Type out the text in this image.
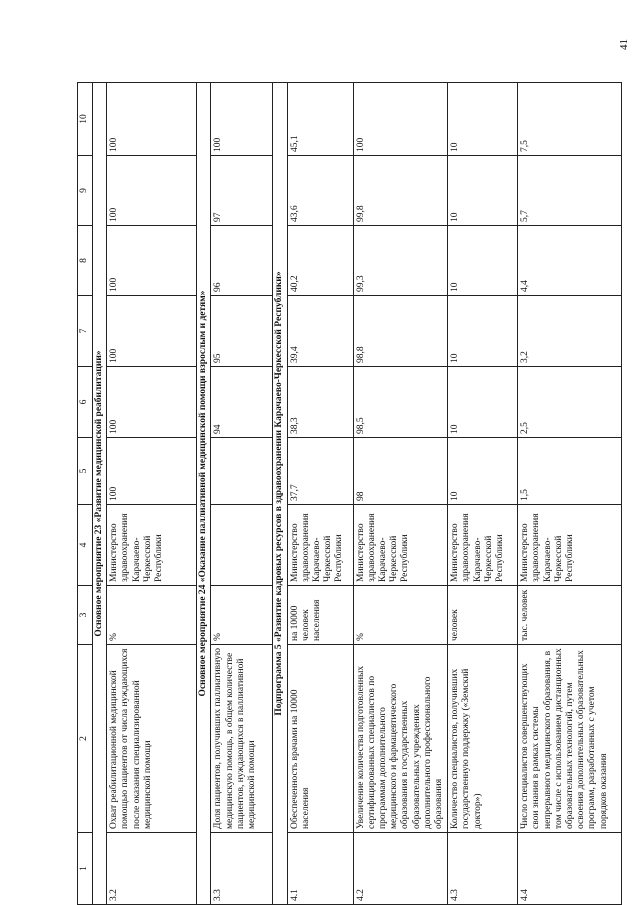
41
1	2	3	4	5	6	7	8	9	10
Основное мероприятие 23 «Развитие медицинской реабилитации»									
3.2	Охват реабилитационной медицинской помощью пациентов от числа нуждающихся после оказания специализированной медицинской помощи	%	Министерство здравоохранения Карачаево-Черкесской Республики	100	100	100	100	100	100
Основное мероприятие 24 «Оказание паллиативной медицинской помощи взрослым и детям»									
3.3	Доля пациентов, получивших паллиативную медицинскую помощь, в общем количестве пациентов, нуждающихся в паллиативной медицинской помощи	%			94	95	96	97	100
Подпрограмма 5 «Развитие кадровых ресурсов в здравоохранении Карачаево-Черкесской Республики»									
4.1	Обеспеченность врачами на 10000 населения	на 10000 человек населения	Министерство здравоохранения Карачаево-Черкесской Республики	37,7	38,3	39,4	40,2	43,6	45,1
4.2	Увеличение количества подготовленных сертифицированных специалистов по программам дополнительного медицинского и фармацевтического образования в государственных образовательных учреждениях дополнительного профессионального образования	%	Министерство здравоохранения Карачаево-Черкесской Республики	98	98,5	98,8	99,3	99,8	100
4.3	Количество специалистов, получивших государственную поддержку («Земский доктор»)	человек	Министерство здравоохранения Карачаево-Черкесской Республики	10	10	10	10	10	10
4.4	Число специалистов совершенствующих свои знания в рамках системы непрерывного медицинского образования, в том числе с использованием дистанционных образовательных технологий, путем освоения дополнительных образовательных программ, разработанных с учетом порядков оказания	тыс. человек	Министерство здравоохранения Карачаево-Черкесской Республики	1,5	2,5	3,2	4,4	5,7	7,5
